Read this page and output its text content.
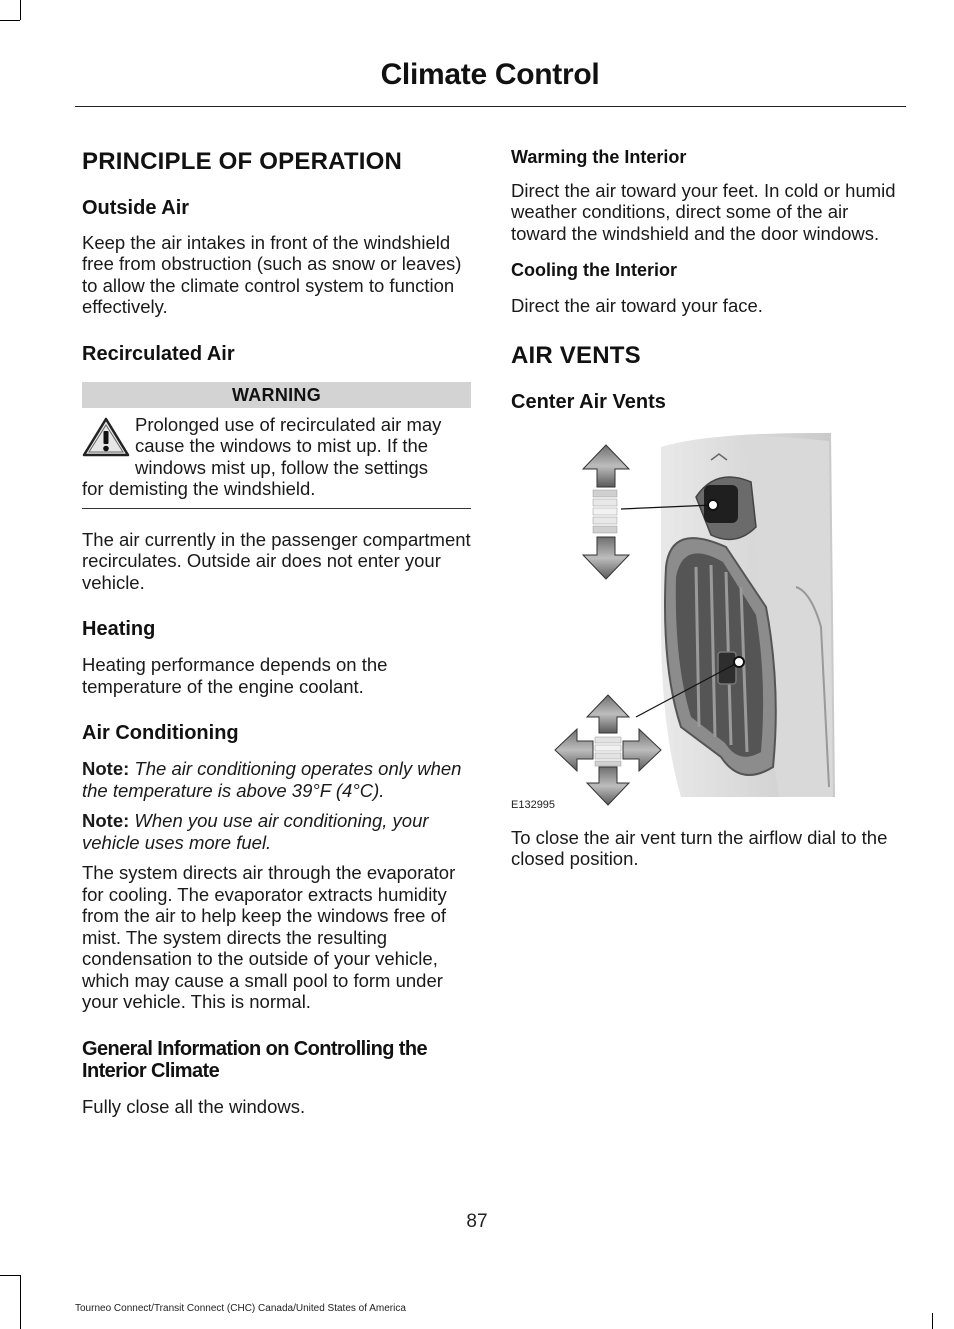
Climate Control
PRINCIPLE OF OPERATION
Outside Air

Keep the air intakes in front of the windshield free from obstruction (such as snow or leaves) to allow the climate control system to function effectively.

Recirculated Air
WARNING

Prolonged use of recirculated air may
cause the windows to mist up. If the
windows mist up, follow the settings
for demisting the windshield.

The air currently in the passenger compartment recirculates. Outside air does not enter your vehicle.

Heating

Heating performance depends on the temperature of the engine coolant.

Air Conditioning

Note: The air conditioning operates only when the temperature is above 39°F (4°C).

Note: When you use air conditioning, your vehicle uses more fuel.

The system directs air through the evaporator for cooling. The evaporator extracts humidity from the air to help keep the windows free of mist. The system directs the resulting condensation to the outside of your vehicle, which may cause a small pool to form under your vehicle. This is normal.

General Information on Controlling the Interior Climate

Fully close all the windows.

Warming the Interior

Direct the air toward your feet. In cold or humid weather conditions, direct some of the air toward the windshield and the door windows.

Cooling the Interior

Direct the air toward your face.

AIR VENTS
Center Air Vents
E132995

To close the air vent turn the airflow dial to the closed position.

87
Tourneo Connect/Transit Connect (CHC) Canada/United States of America
